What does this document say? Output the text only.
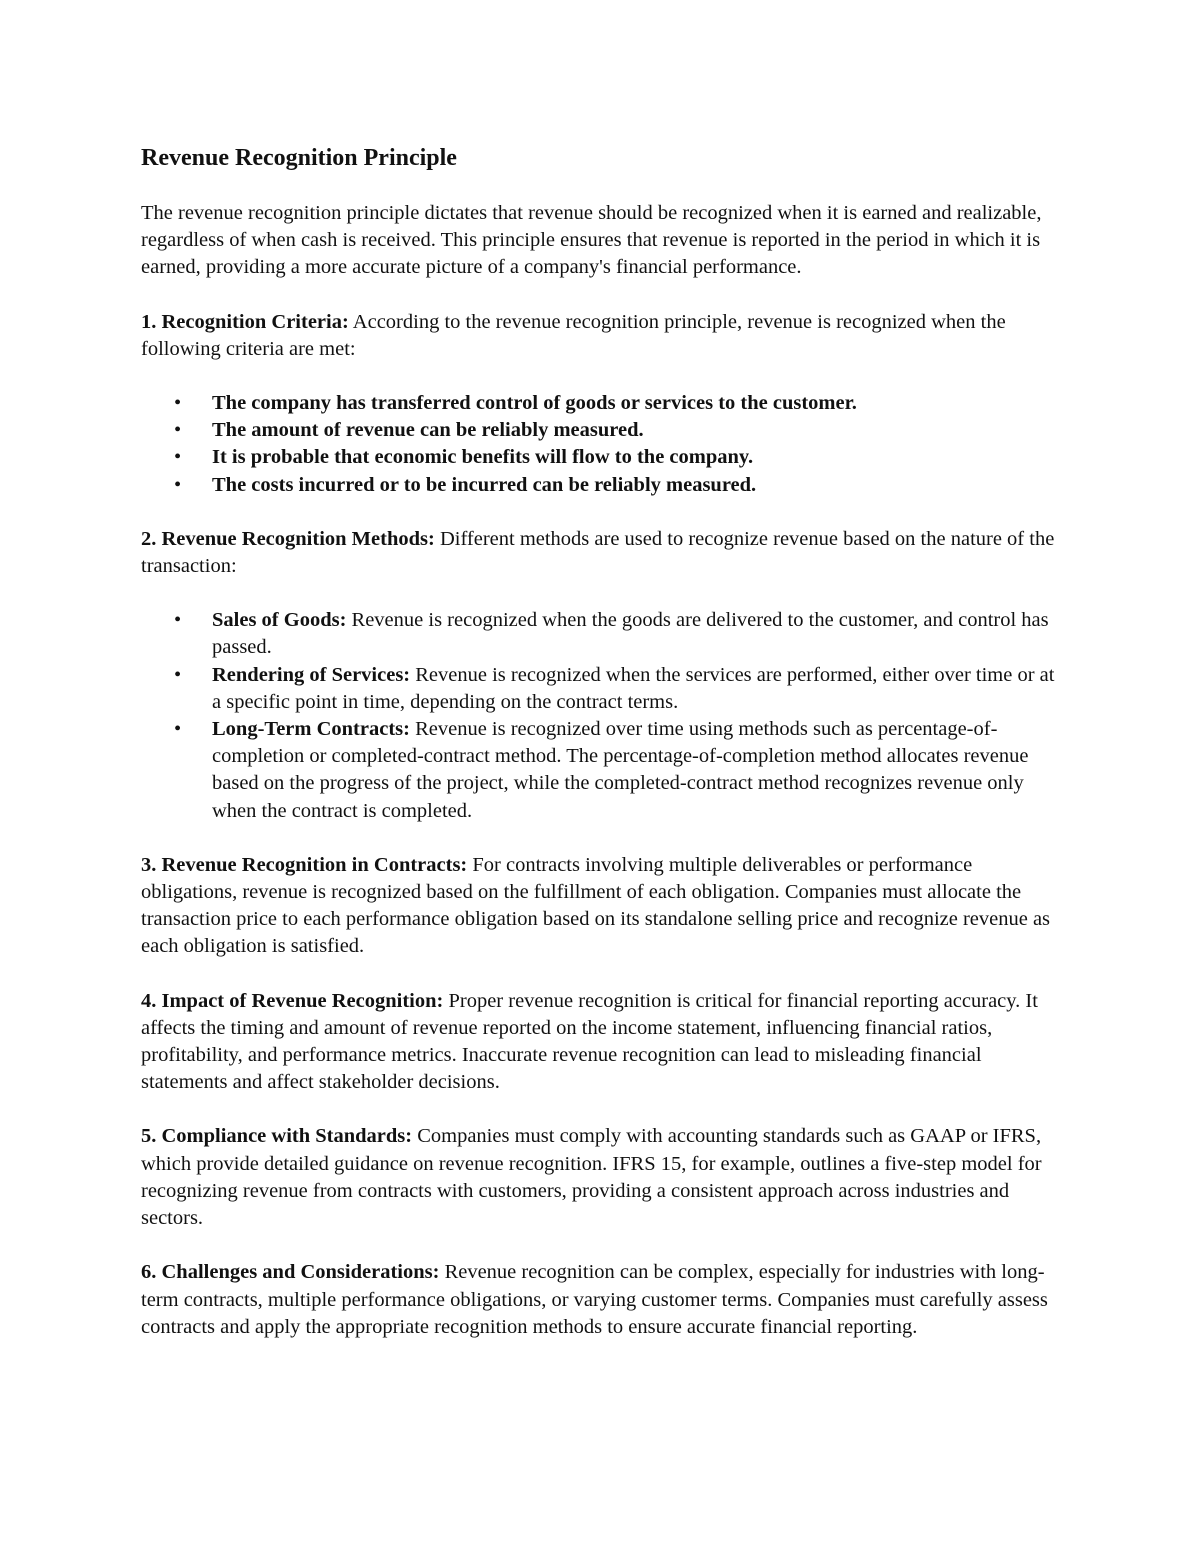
Revenue Recognition Principle

The revenue recognition principle dictates that revenue should be recognized when it is earned and realizable, regardless of when cash is received. This principle ensures that revenue is reported in the period in which it is earned, providing a more accurate picture of a company's financial performance.

1. Recognition Criteria: According to the revenue recognition principle, revenue is recognized when the following criteria are met:

• The company has transferred control of goods or services to the customer.
• The amount of revenue can be reliably measured.
• It is probable that economic benefits will flow to the company.
• The costs incurred or to be incurred can be reliably measured.

2. Revenue Recognition Methods: Different methods are used to recognize revenue based on the nature of the transaction:

• Sales of Goods: Revenue is recognized when the goods are delivered to the customer, and control has passed.
• Rendering of Services: Revenue is recognized when the services are performed, either over time or at a specific point in time, depending on the contract terms.
• Long-Term Contracts: Revenue is recognized over time using methods such as percentage-of-completion or completed-contract method. The percentage-of-completion method allocates revenue based on the progress of the project, while the completed-contract method recognizes revenue only when the contract is completed.

3. Revenue Recognition in Contracts: For contracts involving multiple deliverables or performance obligations, revenue is recognized based on the fulfillment of each obligation. Companies must allocate the transaction price to each performance obligation based on its standalone selling price and recognize revenue as each obligation is satisfied.

4. Impact of Revenue Recognition: Proper revenue recognition is critical for financial reporting accuracy. It affects the timing and amount of revenue reported on the income statement, influencing financial ratios, profitability, and performance metrics. Inaccurate revenue recognition can lead to misleading financial statements and affect stakeholder decisions.

5. Compliance with Standards: Companies must comply with accounting standards such as GAAP or IFRS, which provide detailed guidance on revenue recognition. IFRS 15, for example, outlines a five-step model for recognizing revenue from contracts with customers, providing a consistent approach across industries and sectors.

6. Challenges and Considerations: Revenue recognition can be complex, especially for industries with long-term contracts, multiple performance obligations, or varying customer terms. Companies must carefully assess contracts and apply the appropriate recognition methods to ensure accurate financial reporting.
